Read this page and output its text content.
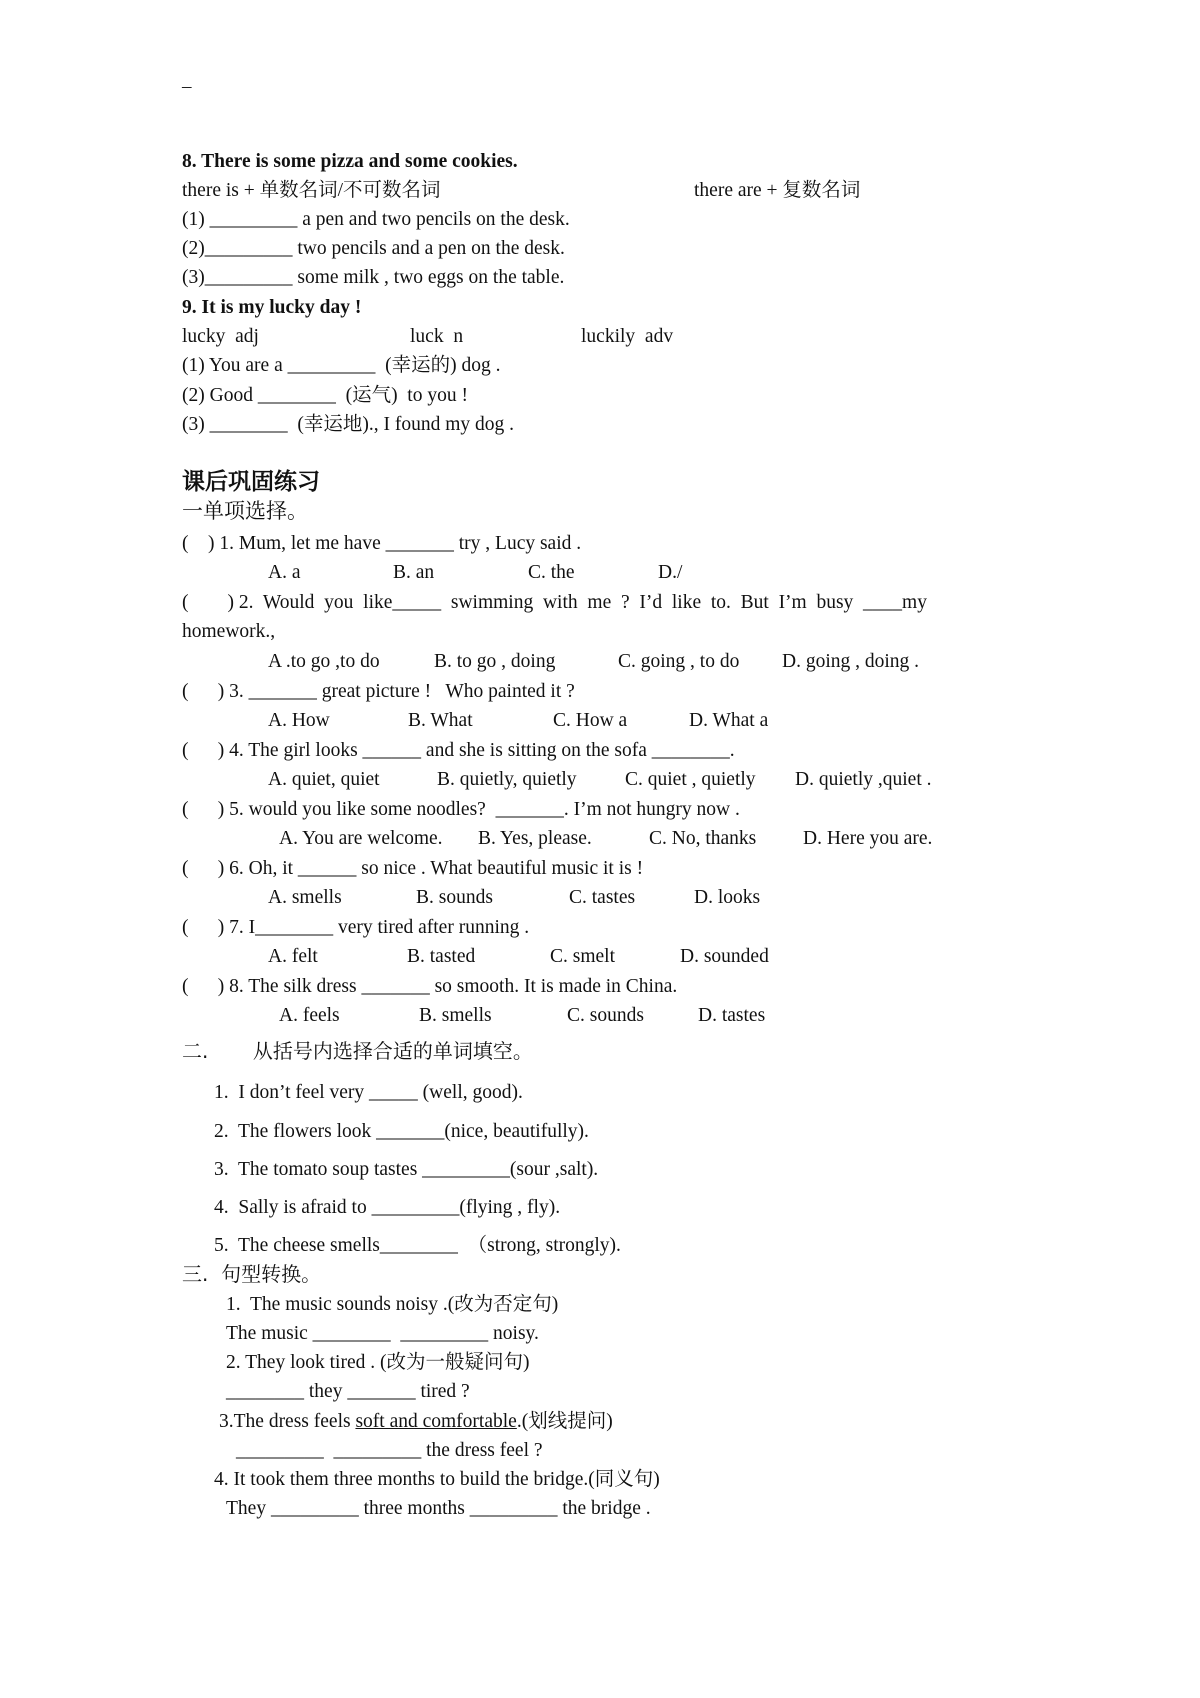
–
8. There is some pizza and some cookies.
there is + 单数名词/不可数名词	there are + 复数名词
(1) _________ a pen and two pencils on the desk.
(2)_________ two pencils and a pen on the desk.
(3)_________ some milk , two eggs on the table.
9. It is my lucky day !
lucky  adj	luck  n	luckily  adv
(1) You are a _________  (幸运的) dog .
(2) Good ________  (运气)  to you !
(3) ________  (幸运地)., I found my dog .
课后巩固练习
一单项选择。
(    ) 1. Mum, let me have _______ try , Lucy said .
A. a	B. an	C. the	D./
(        ) 2.  Would  you  like_____  swimming  with  me  ?  I’d  like  to.  But  I’m  busy  ____my
homework.,
A .to go ,to do	B. to go , doing	C. going , to do D. going , doing .
(      ) 3. _______ great picture !   Who painted it ?
A. How	B. What	C. How a	D. What a
(      ) 4. The girl looks ______ and she is sitting on the sofa ________.
A. quiet, quiet	B. quietly, quietly C. quiet , quietly D. quietly ,quiet .
(      ) 5. would you like some noodles?  _______. I’m not hungry now .
A. You are welcome. B. Yes, please.	C. No, thanks D. Here you are.
(      ) 6. Oh, it ______ so nice . What beautiful music it is !
A. smells	B. sounds	C. tastes	D. looks
(      ) 7. I________ very tired after running .
A. felt	B. tasted	C. smelt	D. sounded
(      ) 8. The silk dress _______ so smooth. It is made in China.
A. feels	B. smells	C. sounds	D. tastes
二.       从括号内选择合适的单词填空。
1.  I don’t feel very _____ (well, good).
2.  The flowers look _______(nice, beautifully).
3.  The tomato soup tastes _________(sour ,salt).
4.  Sally is afraid to _________(flying , fly).
5.  The cheese smells________  （strong, strongly).
三.  句型转换。
1.  The music sounds noisy .(改为否定句)
The music ________  _________ noisy.
2. They look tired . (改为一般疑问句)
________ they _______ tired ?
3.The dress feels soft and comfortable.(划线提问)
_________  _________ the dress feel ?
4. It took them three months to build the bridge.(同义句)
They _________ three months _________ the bridge .
